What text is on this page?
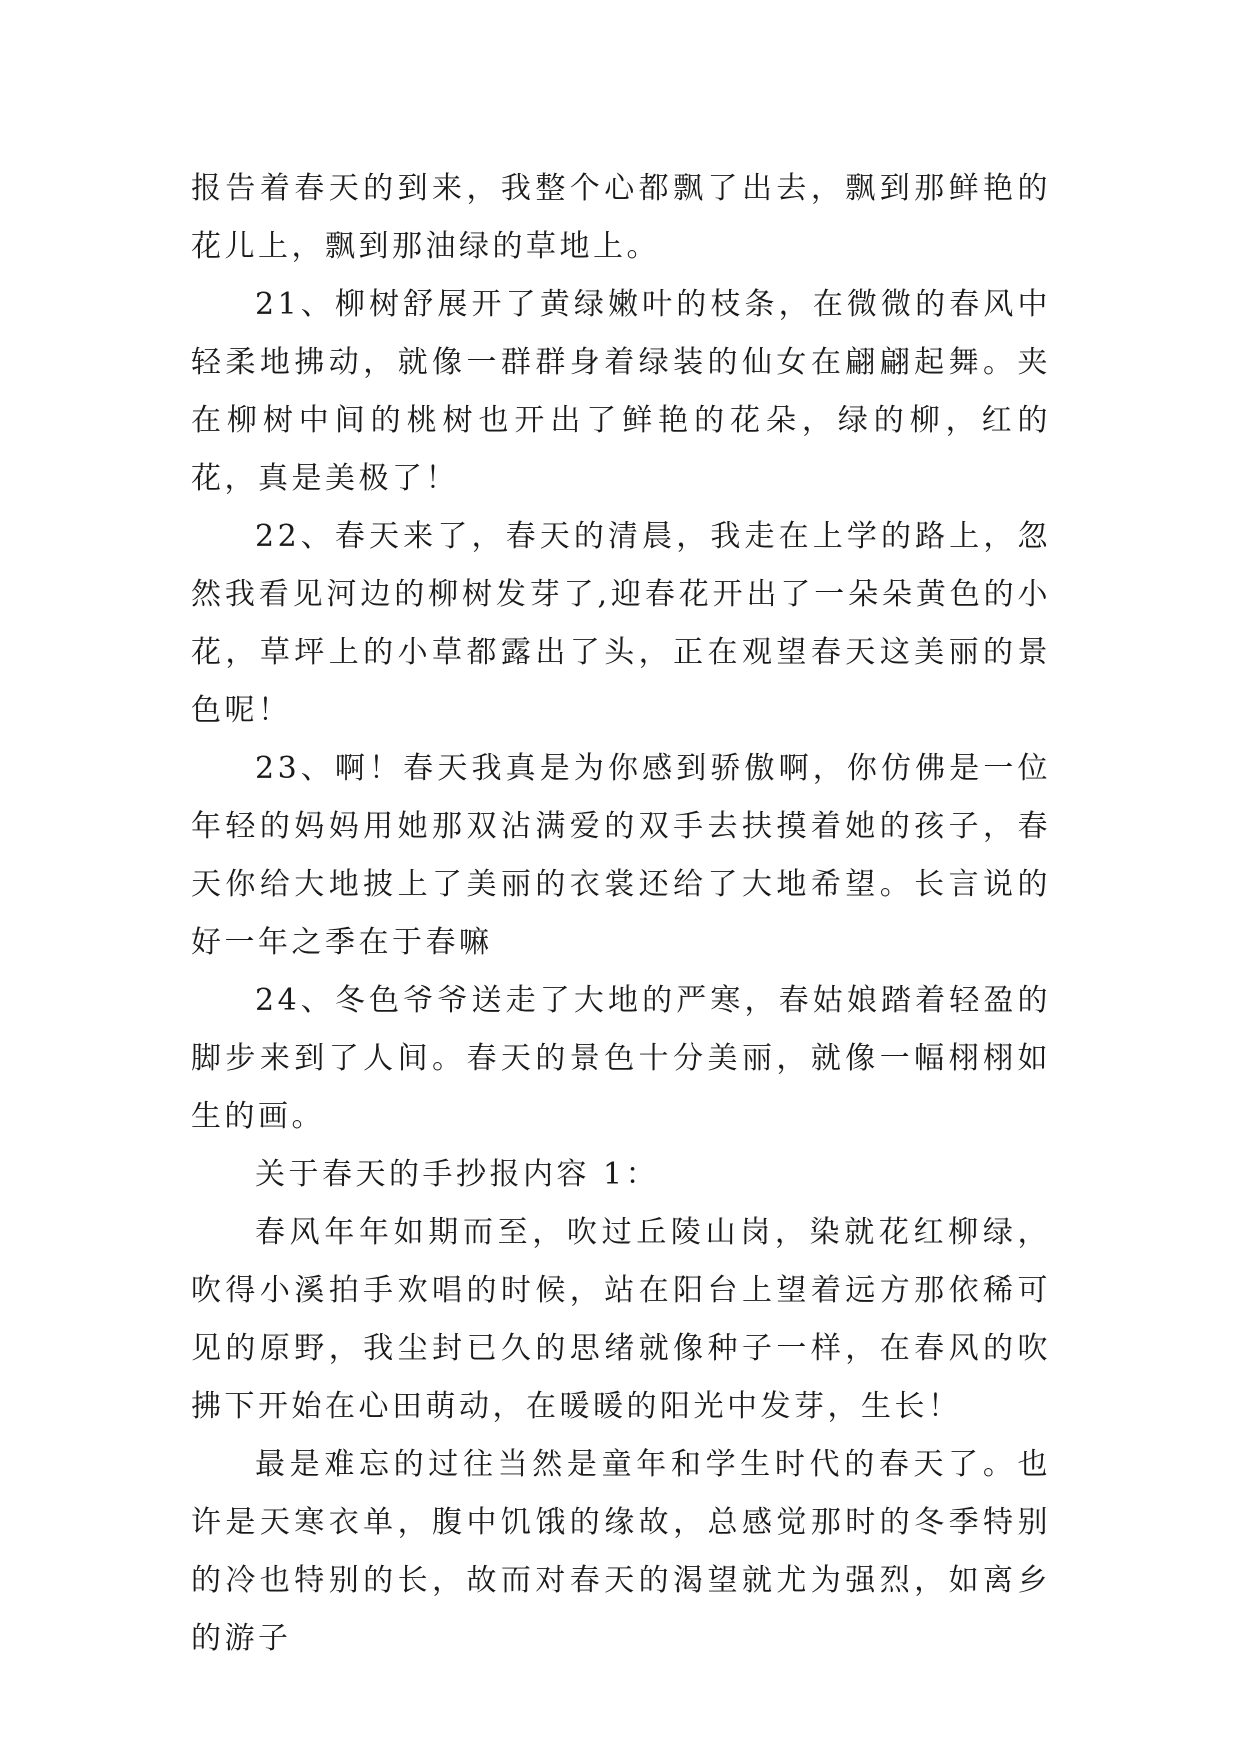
报告着春天的到来，我整个心都飘了出去，飘到那鲜艳的花儿上，飘到那油绿的草地上。

21、柳树舒展开了黄绿嫩叶的枝条，在微微的春风中轻柔地拂动，就像一群群身着绿装的仙女在翩翩起舞。夹在柳树中间的桃树也开出了鲜艳的花朵，绿的柳，红的花，真是美极了！

22、春天来了，春天的清晨，我走在上学的路上，忽然我看见河边的柳树发芽了,迎春花开出了一朵朵黄色的小花，草坪上的小草都露出了头，正在观望春天这美丽的景色呢！

23、啊！春天我真是为你感到骄傲啊，你仿佛是一位年轻的妈妈用她那双沾满爱的双手去扶摸着她的孩子，春天你给大地披上了美丽的衣裳还给了大地希望。长言说的好一年之季在于春嘛

24、冬色爷爷送走了大地的严寒，春姑娘踏着轻盈的脚步来到了人间。春天的景色十分美丽，就像一幅栩栩如生的画。

关于春天的手抄报内容 1：

春风年年如期而至，吹过丘陵山岗，染就花红柳绿，吹得小溪拍手欢唱的时候，站在阳台上望着远方那依稀可见的原野，我尘封已久的思绪就像种子一样，在春风的吹拂下开始在心田萌动，在暖暖的阳光中发芽，生长！

最是难忘的过往当然是童年和学生时代的春天了。也许是天寒衣单，腹中饥饿的缘故，总感觉那时的冬季特别的冷也特别的长，故而对春天的渴望就尤为强烈，如离乡的游子
